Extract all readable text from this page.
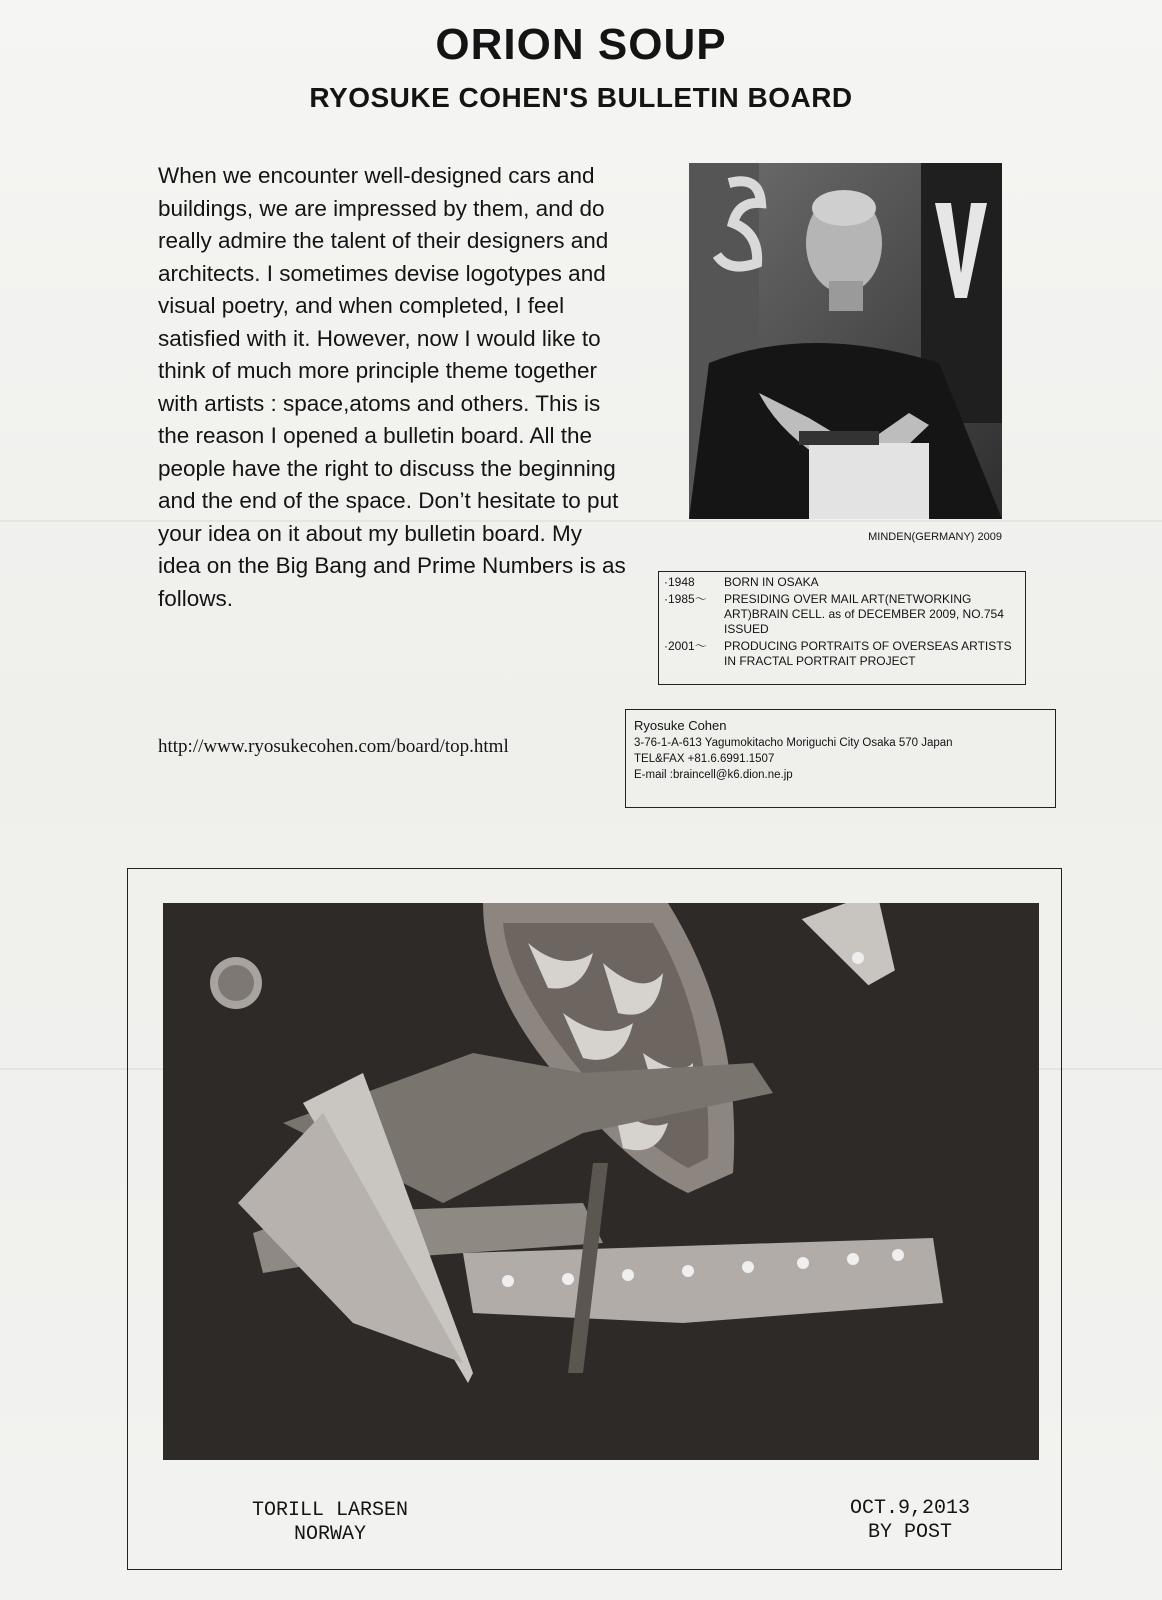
ORION SOUP
RYOSUKE COHEN'S BULLETIN BOARD
When we encounter well-designed cars and buildings, we are impressed by them, and do really admire the talent of their designers and architects. I sometimes devise logotypes and visual poetry, and when completed, I feel satisfied with it. However, now I would like to think of much more principle theme together with artists : space,atoms and others. This is the reason I opened a bulletin board. All the people have the right to discuss the beginning and the end of the space. Don’t hesitate to put your idea on it about my bulletin board. My idea on the Big Bang and Prime Numbers is as follows.
http://www.ryosukecohen.com/board/top.html
MINDEN(GERMANY) 2009
·1948	BORN IN OSAKA
·1985～	PRESIDING OVER MAIL ART(NETWORKING ART)BRAIN CELL. as of DECEMBER 2009, NO.754 ISSUED
·2001～	PRODUCING PORTRAITS OF OVERSEAS ARTISTS IN FRACTAL PORTRAIT PROJECT
Ryosuke Cohen
3-76-1-A-613 Yagumokitacho Moriguchi City Osaka 570 Japan
TEL&FAX +81.6.6991.1507
E-mail :braincell@k6.dion.ne.jp
TORILL LARSEN
NORWAY
OCT.9,2013
BY POST
